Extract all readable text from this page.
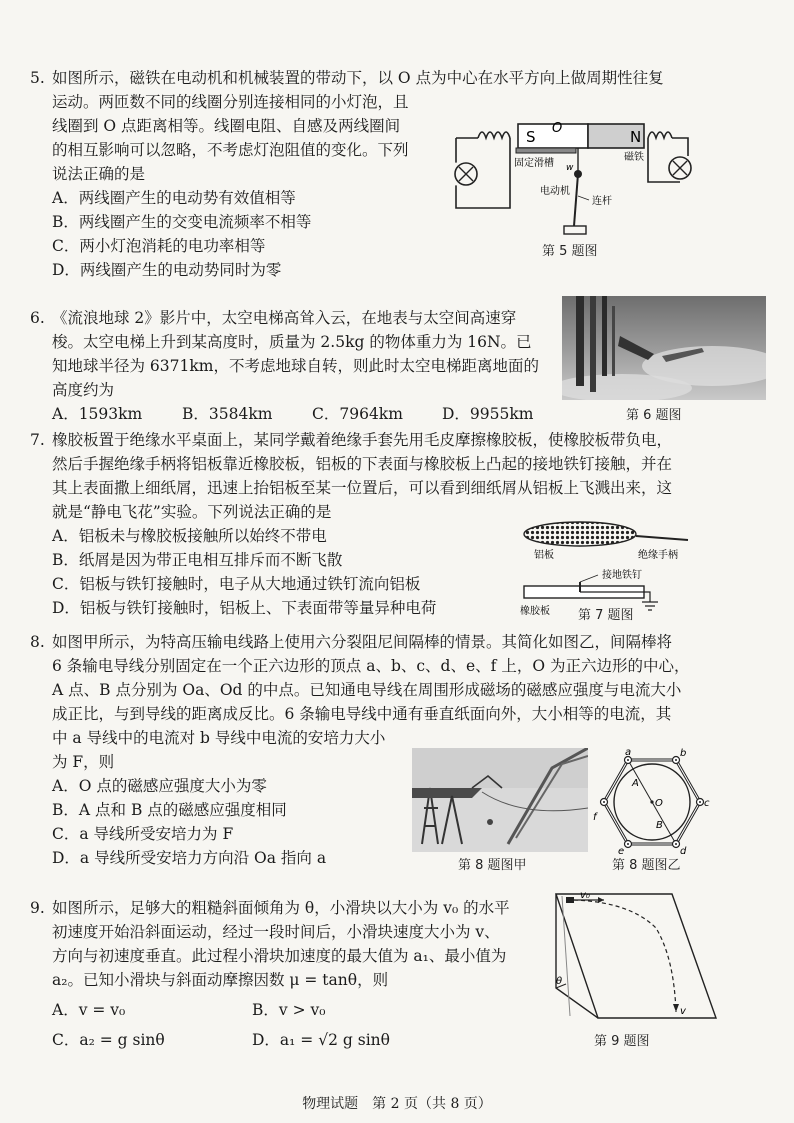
5. 如图所示，磁铁在电动机和机械装置的带动下，以 O 点为中心在水平方向上做周期性往复

运动。两匝数不同的线圈分别连接相同的小灯泡，且

线圈到 O 点距离相等。线圈电阻、自感及两线圈间

的相互影响可以忽略，不考虑灯泡阻值的变化。下列

说法正确的是

A．两线圈产生的电动势有效值相等

B．两线圈产生的交变电流频率不相等

C．两小灯泡消耗的电功率相等

D．两线圈产生的电动势同时为零

S O	N
固定滑槽
磁铁
w
电动机
连杆
第 5 题图

6. 《流浪地球 2》影片中，太空电梯高耸入云，在地表与太空间高速穿

梭。太空电梯上升到某高度时，质量为 2.5kg 的物体重力为 16N。已

知地球半径为 6371km，不考虑地球自转，则此时太空电梯距离地面的

高度约为

A．1593km	B．3584km	C．7964km	D．9955km	第 6 题图

7. 橡胶板置于绝缘水平桌面上，某同学戴着绝缘手套先用毛皮摩擦橡胶板，使橡胶板带负电，

然后手握绝缘手柄将铝板靠近橡胶板，铝板的下表面与橡胶板上凸起的接地铁钉接触，并在

其上表面撒上细纸屑，迅速上抬铝板至某一位置后，可以看到细纸屑从铝板上飞溅出来，这

就是“静电飞花”实验。下列说法正确的是

A．铝板未与橡胶板接触所以始终不带电

B．纸屑是因为带正电相互排斥而不断飞散

C．铝板与铁钉接触时，电子从大地通过铁钉流向铝板

D．铝板与铁钉接触时，铝板上、下表面带等量异种电荷

铝板	绝缘手柄
接地铁钉
橡胶板 第 7 题图

8. 如图甲所示，为特高压输电线路上使用六分裂阻尼间隔棒的情景。其简化如图乙，间隔棒将

6 条输电导线分别固定在一个正六边形的顶点 a、b、c、d、e、f 上，O 为正六边形的中心，

A 点、B 点分别为 Oa、Od 的中点。已知通电导线在周围形成磁场的磁感应强度与电流大小

成正比，与到导线的距离成反比。6 条输电导线中通有垂直纸面向外，大小相等的电流，其

中 a 导线中的电流对 b 导线中电流的安培力大小

为 F，则

A．O 点的磁感应强度大小为零

B．A 点和 B 点的磁感应强度相同

C．a 导线所受安培力为 F

D．a 导线所受安培力方向沿 Oa 指向 a	第 8 题图甲
a	b
c
d
e
f
O
A
B
第 8 题图乙

9. 如图所示，足够大的粗糙斜面倾角为 θ，小滑块以大小为 v₀ 的水平

初速度开始沿斜面运动，经过一段时间后，小滑块速度大小为 v、

方向与初速度垂直。此过程小滑块加速度的最大值为 a₁、最小值为

a₂。已知小滑块与斜面动摩擦因数 μ = tanθ，则

A．v = v₀	B．v > v₀
C．a₂ = g sinθ	D．a₁ = √2 g sinθ
v₀
v
θ
第 9 题图
物理试题　第 2 页（共 8 页）
